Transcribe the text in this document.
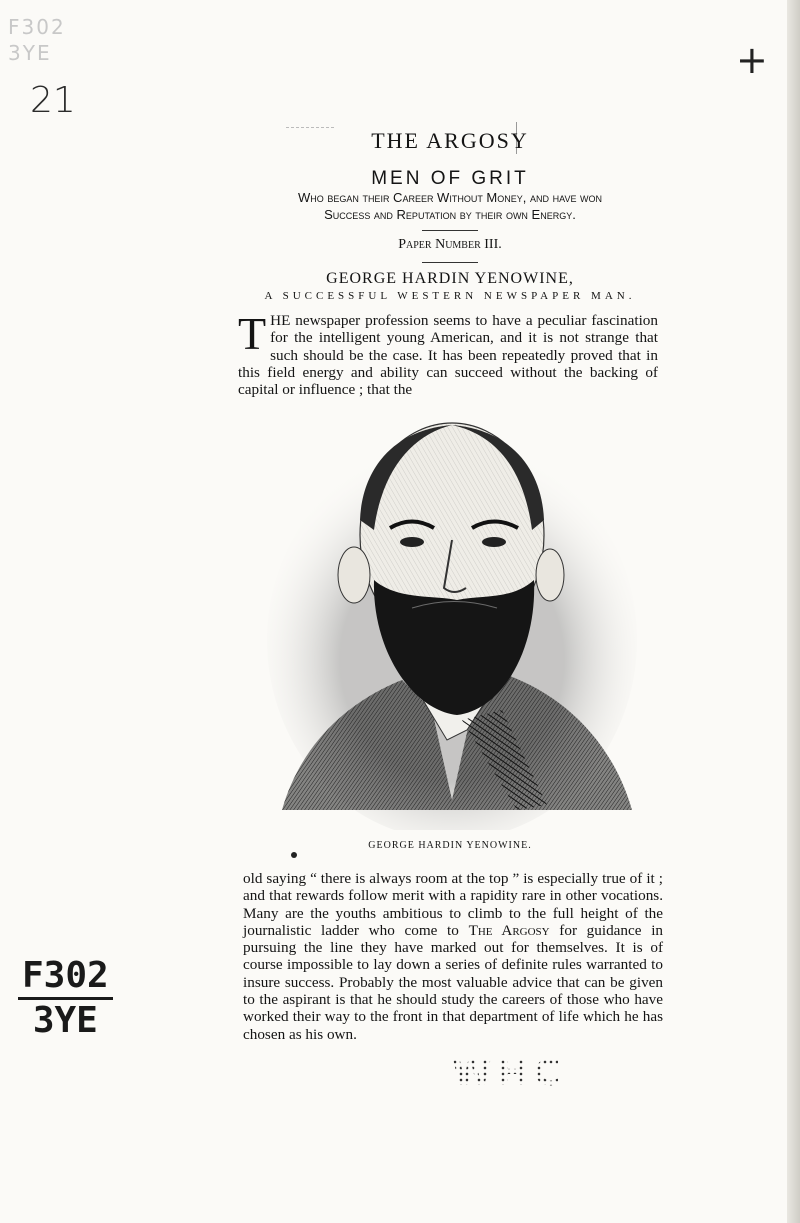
F302
3YE
21
+
F302
3YE
THE ARGOSY
MEN OF GRIT
Who began their Career Without Money, and have won
Success and Reputation by their own Energy.
Paper Number III.
GEORGE HARDIN YENOWINE,
A SUCCESSFUL WESTERN NEWSPAPER MAN.
T HE newspaper profession seems to have a peculiar fascination for the intelligent young American, and it is not strange that such should be the case. It has been repeatedly proved that in this field energy and ability can succeed without the backing of capital or influence ; that the
GEORGE HARDIN YENOWINE.
old saying “ there is always room at the top ” is especially true of it ; and that rewards follow merit with a rapidity rare in other vocations. Many are the youths ambitious to climb to the full height of the journalistic ladder who come to The Argosy for guidance in pursuing the line they have marked out for themselves. It is of course impossible to lay down a series of definite rules warranted to insure success. Probably the most valuable advice that can be given to the aspirant is that he should study the careers of those who have worked their way to the front in that department of life which he has chosen as his own.
WHC
